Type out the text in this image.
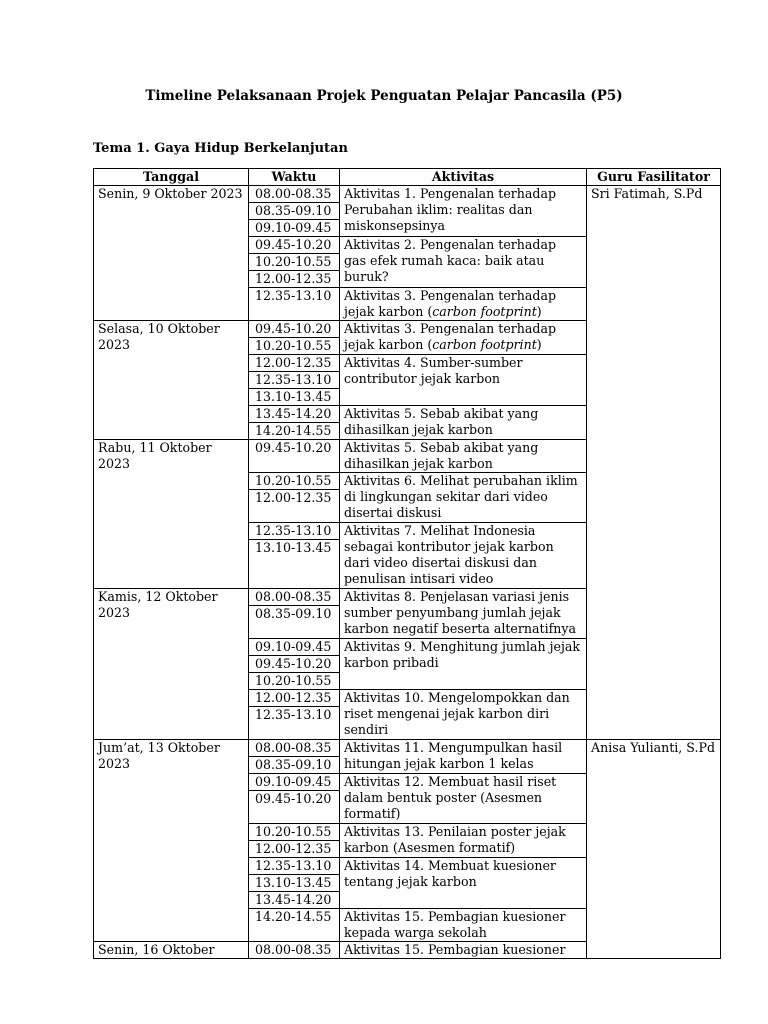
Timeline Pelaksanaan Projek Penguatan Pelajar Pancasila (P5)
Tema 1. Gaya Hidup Berkelanjutan
Tanggal	Waktu	Aktivitas	Guru Fasilitator
Senin, 9 Oktober 2023	08.00-08.35	Aktivitas 1. Pengenalan terhadap Perubahan iklim: realitas dan miskonsepsinya	Sri Fatimah, S.Pd
	08.35-09.10		
	09.10-09.45		
	09.45-10.20	Aktivitas 2. Pengenalan terhadap gas efek rumah kaca: baik atau buruk?	
	10.20-10.55		
	12.00-12.35		
	12.35-13.10	Aktivitas 3. Pengenalan terhadap jejak karbon (carbon footprint)	
Selasa, 10 Oktober 2023	09.45-10.20	Aktivitas 3. Pengenalan terhadap jejak karbon (carbon footprint)	
	10.20-10.55		
	12.00-12.35	Aktivitas 4. Sumber-sumber contributor jejak karbon	
	12.35-13.10		
	13.10-13.45		
	13.45-14.20	Aktivitas 5. Sebab akibat yang dihasilkan jejak karbon	
	14.20-14.55		
Rabu, 11 Oktober 2023	09.45-10.20	Aktivitas 5. Sebab akibat yang dihasilkan jejak karbon	
	10.20-10.55	Aktivitas 6. Melihat perubahan iklim di lingkungan sekitar dari video disertai diskusi	
	12.00-12.35		
	12.35-13.10	Aktivitas 7. Melihat Indonesia sebagai kontributor jejak karbon dari video disertai diskusi dan penulisan intisari video	
	13.10-13.45		
Kamis, 12 Oktober 2023	08.00-08.35	Aktivitas 8. Penjelasan variasi jenis sumber penyumbang jumlah jejak karbon negatif beserta alternatifnya	
	08.35-09.10		
	09.10-09.45	Aktivitas 9. Menghitung jumlah jejak karbon pribadi	
	09.45-10.20		
	10.20-10.55		
	12.00-12.35	Aktivitas 10. Mengelompokkan dan riset mengenai jejak karbon diri sendiri	
	12.35-13.10		
Jum’at, 13 Oktober 2023	08.00-08.35	Aktivitas 11. Mengumpulkan hasil hitungan jejak karbon 1 kelas	Anisa Yulianti, S.Pd
	08.35-09.10		
	09.10-09.45	Aktivitas 12. Membuat hasil riset dalam bentuk poster (Asesmen formatif)	
	09.45-10.20		
	10.20-10.55	Aktivitas 13. Penilaian poster jejak karbon (Asesmen formatif)	
	12.00-12.35		
	12.35-13.10	Aktivitas 14. Membuat kuesioner tentang jejak karbon	
	13.10-13.45		
	13.45-14.20		
	14.20-14.55	Aktivitas 15. Pembagian kuesioner kepada warga sekolah	
Senin, 16 Oktober	08.00-08.35	Aktivitas 15. Pembagian kuesioner	
